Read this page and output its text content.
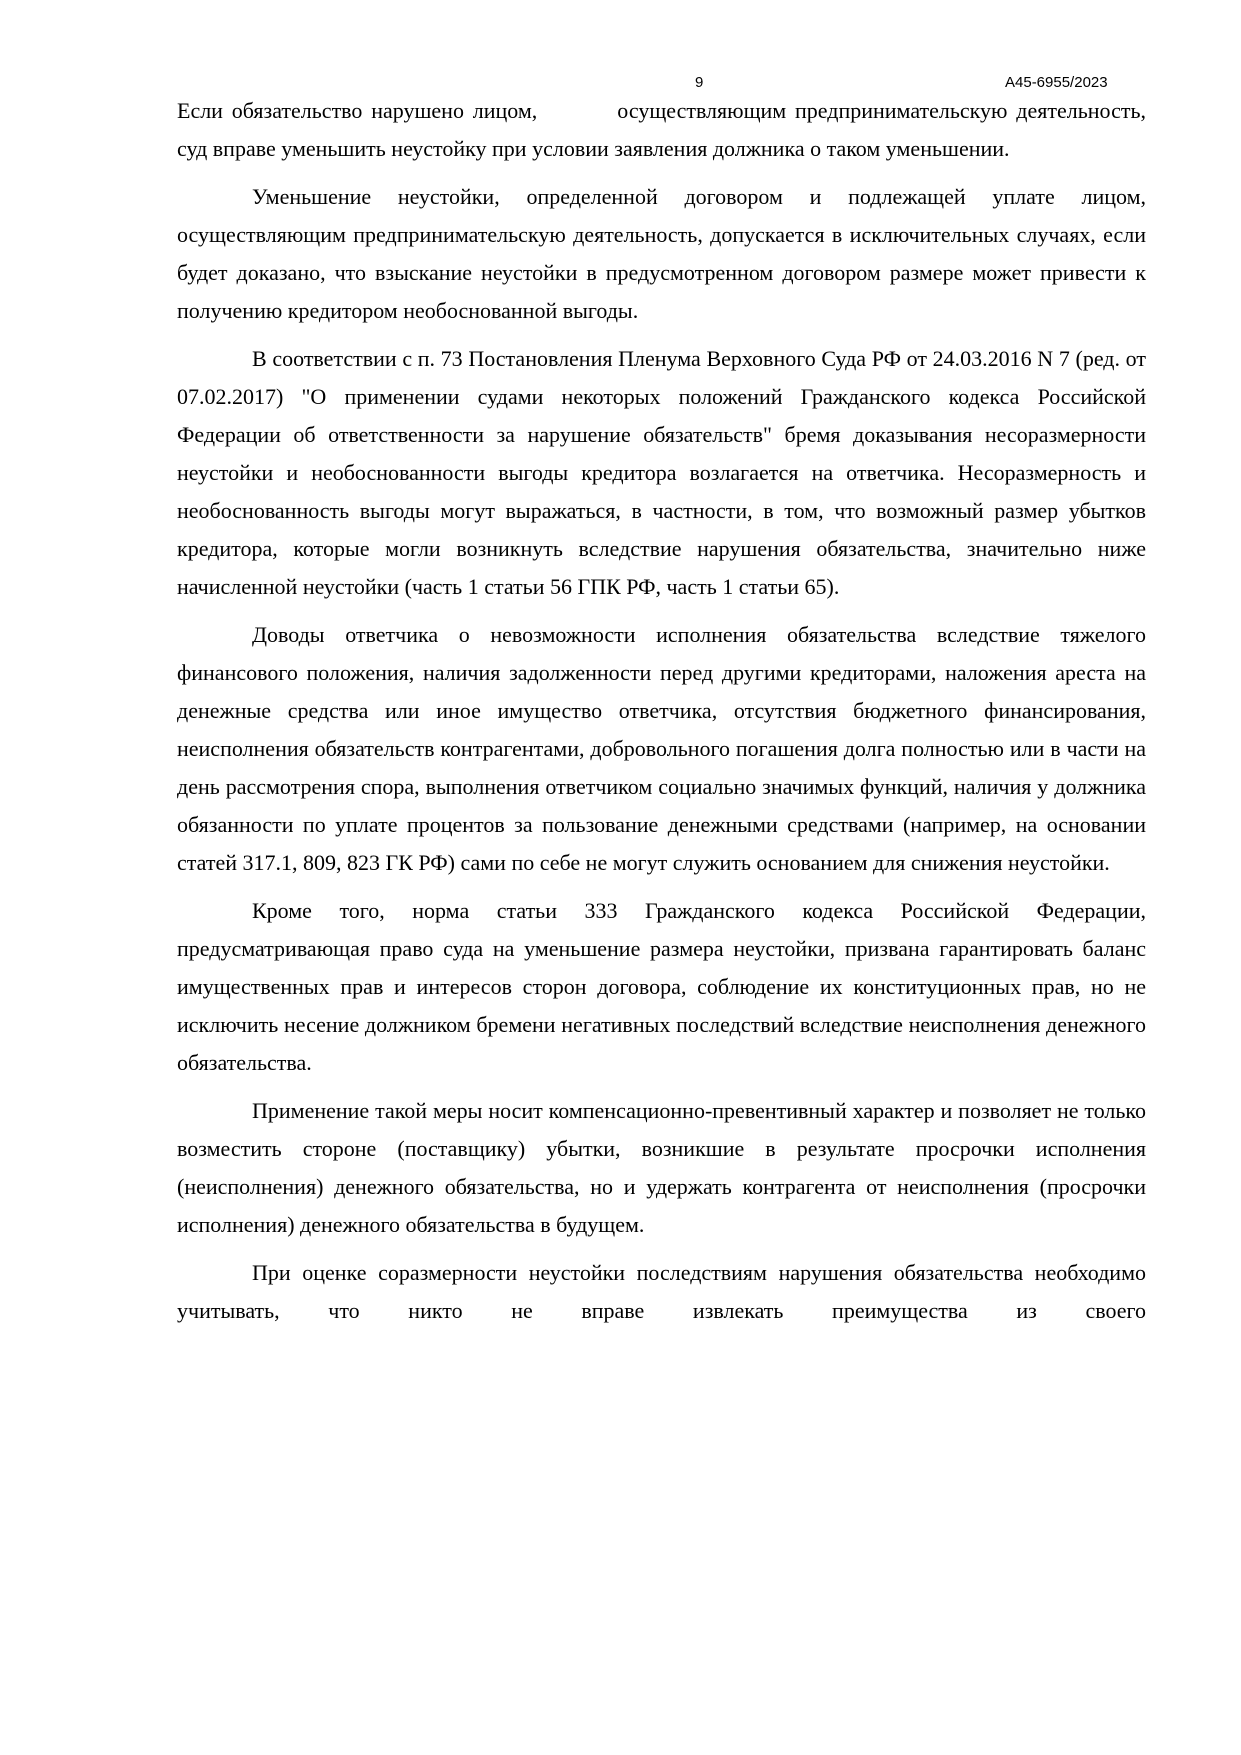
9	А45-6955/2023

Если обязательство нарушено лицом,	осуществляющим предпринимательскую деятельность, суд вправе уменьшить неустойку при условии заявления должника о таком уменьшении.

Уменьшение неустойки, определенной договором и подлежащей уплате лицом, осуществляющим предпринимательскую деятельность, допускается в исключительных случаях, если будет доказано, что взыскание неустойки в предусмотренном договором размере может привести к получению кредитором необоснованной выгоды.

В соответствии с п. 73 Постановления Пленума Верховного Суда РФ от 24.03.2016 N 7 (ред. от 07.02.2017) "О применении судами некоторых положений Гражданского кодекса Российской Федерации об ответственности за нарушение обязательств" бремя доказывания несоразмерности неустойки и необоснованности выгоды кредитора возлагается на ответчика. Несоразмерность и необоснованность выгоды могут выражаться, в частности, в том, что возможный размер убытков кредитора, которые могли возникнуть вследствие нарушения обязательства, значительно ниже начисленной неустойки (часть 1 статьи 56 ГПК РФ, часть 1 статьи 65).

Доводы ответчика о невозможности исполнения обязательства вследствие тяжелого финансового положения, наличия задолженности перед другими кредиторами, наложения ареста на денежные средства или иное имущество ответчика, отсутствия бюджетного финансирования, неисполнения обязательств контрагентами, добровольного погашения долга полностью или в части на день рассмотрения спора, выполнения ответчиком социально значимых функций, наличия у должника обязанности по уплате процентов за пользование денежными средствами (например, на основании статей 317.1, 809, 823 ГК РФ) сами по себе не могут служить основанием для снижения неустойки.

Кроме того, норма статьи 333 Гражданского кодекса Российской Федерации, предусматривающая право суда на уменьшение размера неустойки, призвана гарантировать баланс имущественных прав и интересов сторон договора, соблюдение их конституционных прав, но не исключить несение должником бремени негативных последствий вследствие неисполнения денежного обязательства.

Применение такой меры носит компенсационно-превентивный характер и позволяет не только возместить стороне (поставщику) убытки, возникшие в результате просрочки исполнения (неисполнения) денежного обязательства, но и удержать контрагента от неисполнения (просрочки исполнения) денежного обязательства в будущем.

При оценке соразмерности неустойки последствиям нарушения обязательства необходимо учитывать, что никто не вправе извлекать преимущества из своего
